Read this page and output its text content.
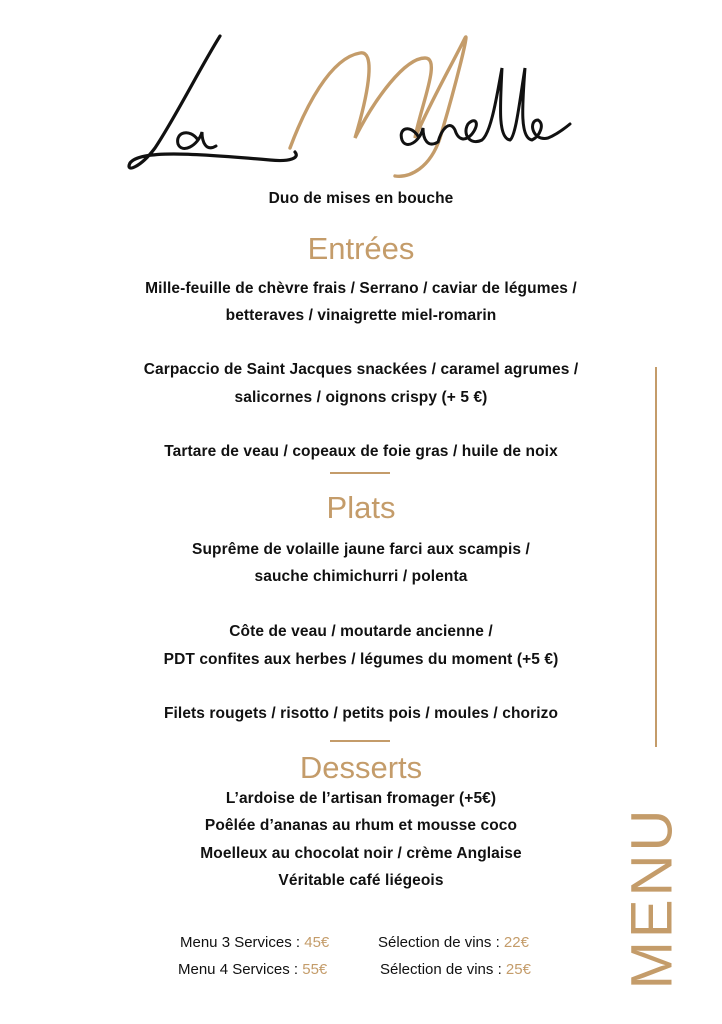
Duo de mises en bouche
Entrées
Mille-feuille de chèvre frais / Serrano / caviar de légumes /
betteraves / vinaigrette miel-romarin
Carpaccio de Saint Jacques snackées / caramel agrumes /
salicornes / oignons crispy (+ 5 €)
Tartare de veau / copeaux de foie gras / huile de noix
Plats
Suprême de volaille jaune farci aux scampis /
sauche chimichurri / polenta
Côte de veau / moutarde ancienne /
PDT confites aux herbes / légumes du moment (+5 €)
Filets rougets / risotto / petits pois / moules / chorizo
Desserts
L’ardoise de l’artisan fromager (+5€)
Poêlée d’ananas au rhum et mousse coco
Moelleux au chocolat noir / crème Anglaise
Véritable café liégeois	MENU
Menu 3 Services : 45€	Sélection de vins : 22€
Menu 4 Services : 55€	Sélection de vins : 25€
